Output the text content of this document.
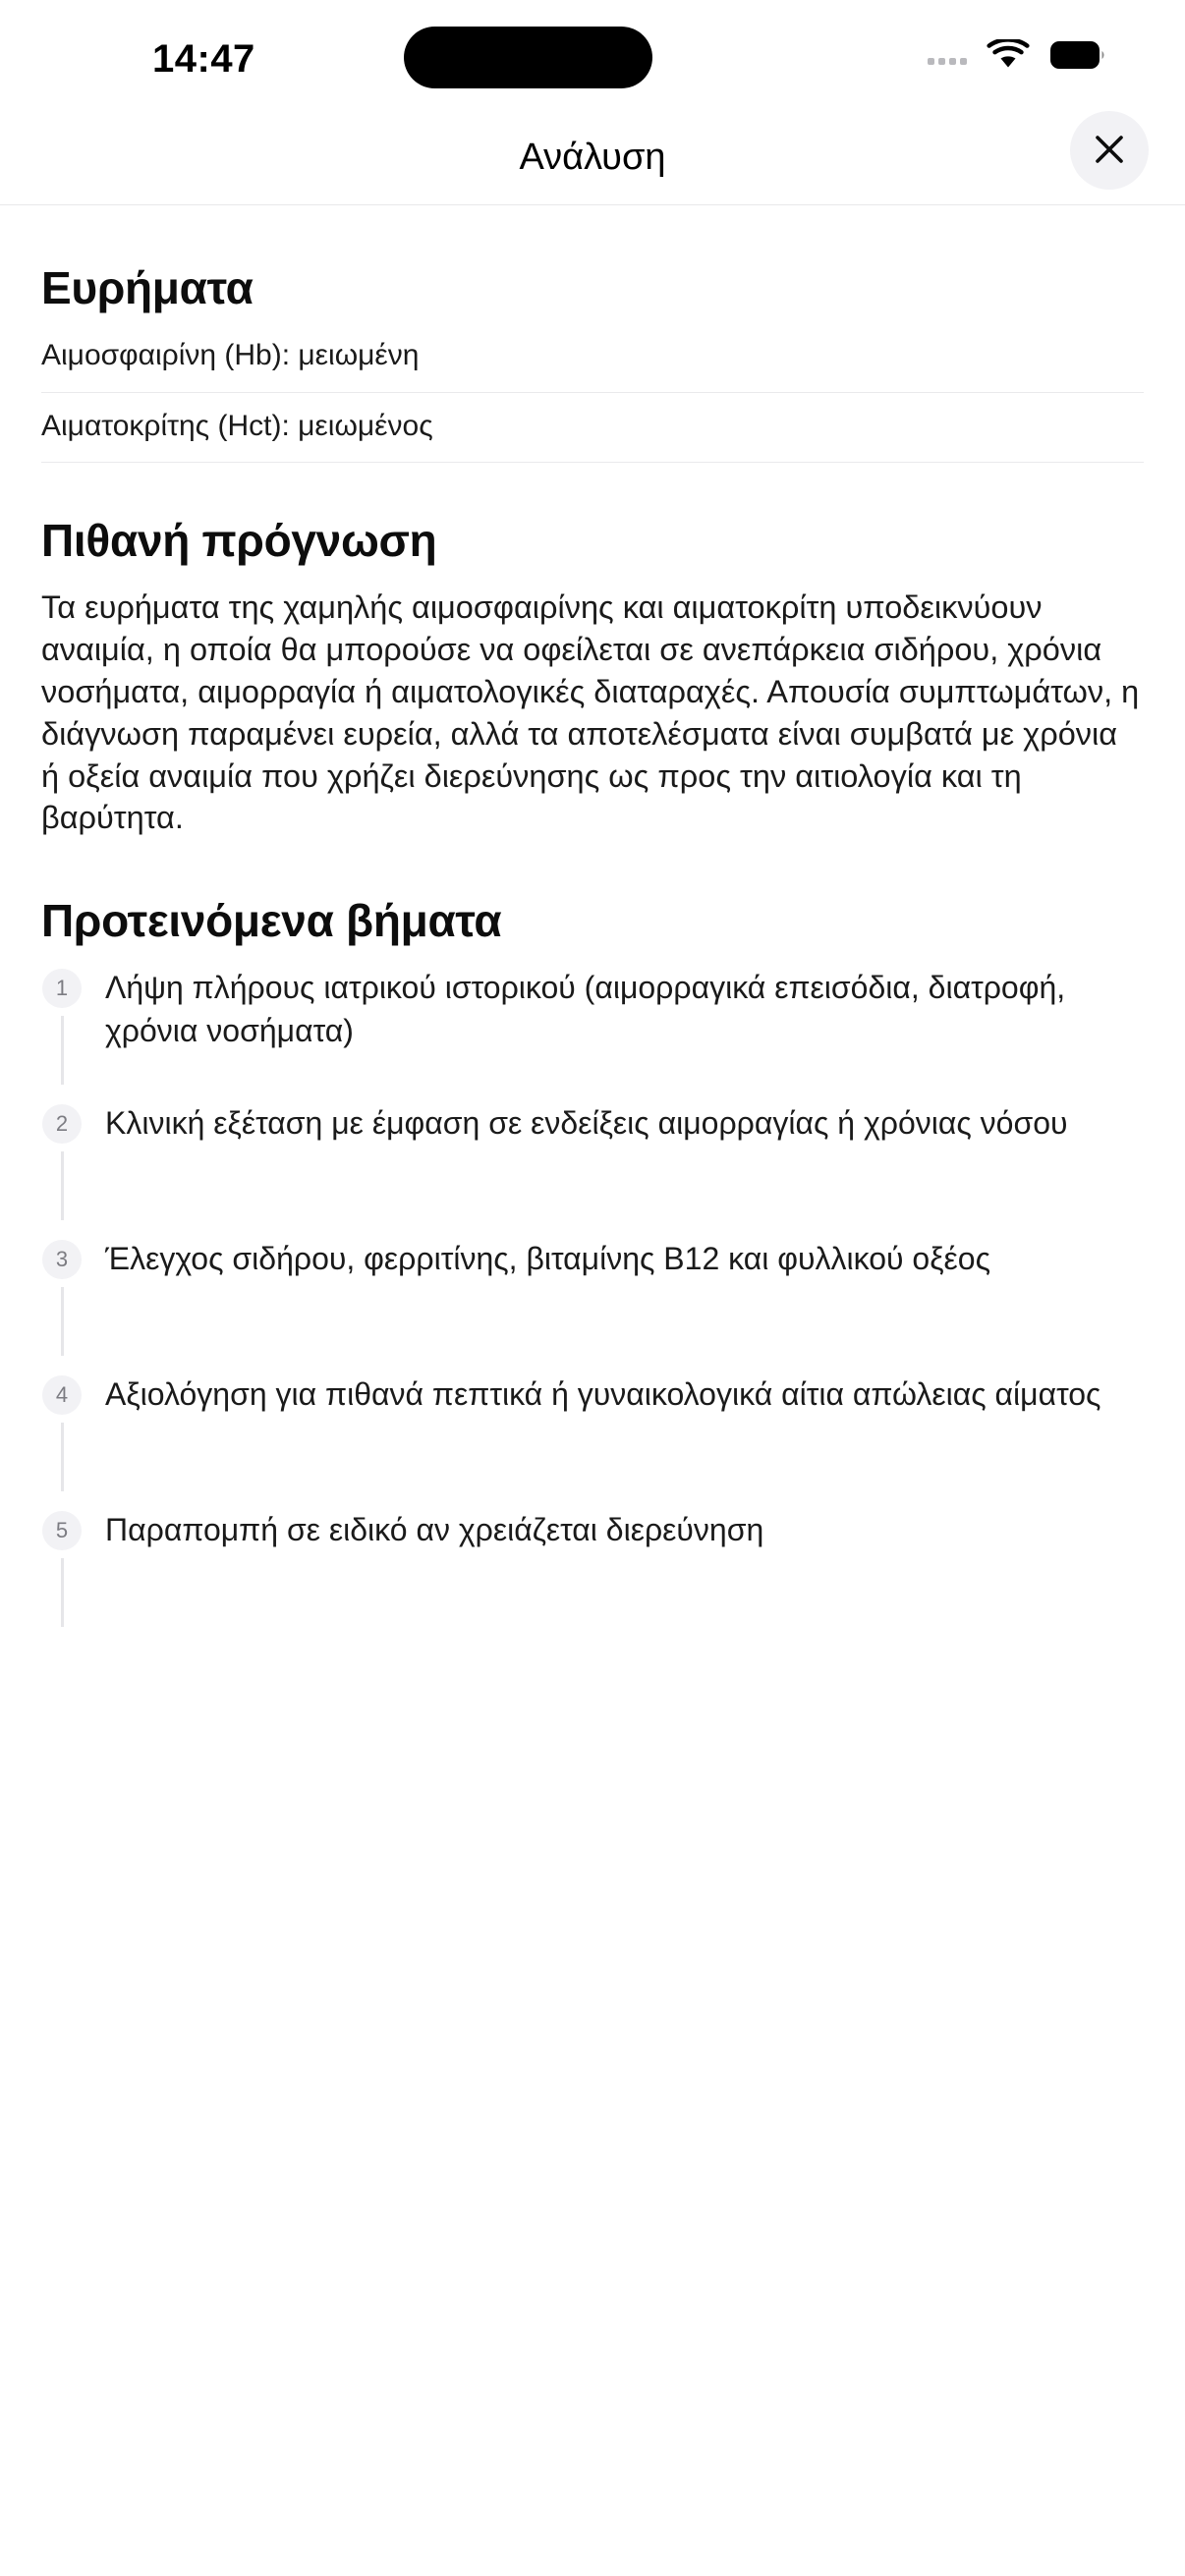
14:47
Ανάλυση
Ευρήματα
Αιμοσφαιρίνη (Hb): μειωμένη
Αιματοκρίτης (Hct): μειωμένος
Πιθανή πρόγνωση

Τα ευρήματα της χαμηλής αιμοσφαιρίνης και αιματοκρίτη υποδεικνύουν αναιμία, η οποία θα μπορούσε να οφείλεται σε ανεπάρκεια σιδήρου, χρόνια νοσήματα, αιμορραγία ή αιματολογικές διαταραχές. Απουσία συμπτωμάτων, η διάγνωση παραμένει ευρεία, αλλά τα αποτελέσματα είναι συμβατά με χρόνια ή οξεία αναιμία που χρήζει διερεύνησης ως προς την αιτιολογία και τη βαρύτητα.

Προτεινόμενα βήματα
1	Λήψη πλήρους ιατρικού ιστορικού (αιμορραγικά επεισόδια, διατροφή, χρόνια νοσήματα)
2	Κλινική εξέταση με έμφαση σε ενδείξεις αιμορραγίας ή χρόνιας νόσου
3	Έλεγχος σιδήρου, φερριτίνης, βιταμίνης Β12 και φυλλικού οξέος
4	Αξιολόγηση για πιθανά πεπτικά ή γυναικολογικά αίτια απώλειας αίματος
5	Παραπομπή σε ειδικό αν χρειάζεται διερεύνηση
